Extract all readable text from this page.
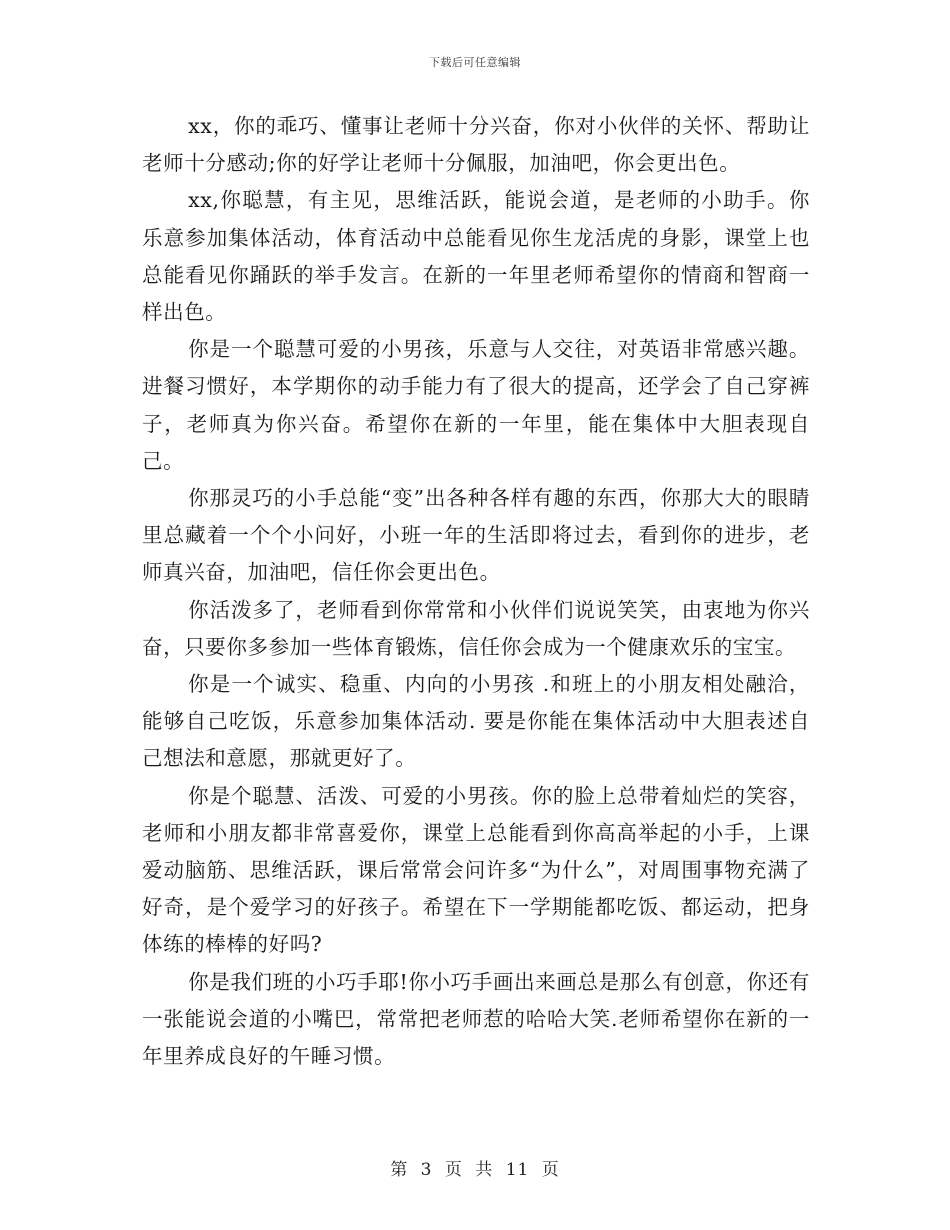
下载后可任意编辑

xx，你的乖巧、懂事让老师十分兴奋，你对小伙伴的关怀、帮助让老师十分感动;你的好学让老师十分佩服，加油吧，你会更出色。

xx,你聪慧，有主见，思维活跃，能说会道，是老师的小助手。你乐意参加集体活动，体育活动中总能看见你生龙活虎的身影，课堂上也总能看见你踊跃的举手发言。在新的一年里老师希望你的情商和智商一样出色。

你是一个聪慧可爱的小男孩，乐意与人交往，对英语非常感兴趣。进餐习惯好，本学期你的动手能力有了很大的提高，还学会了自己穿裤子，老师真为你兴奋。希望你在新的一年里，能在集体中大胆表现自己。

你那灵巧的小手总能“变”出各种各样有趣的东西，你那大大的眼睛里总藏着一个个小问好，小班一年的生活即将过去，看到你的进步，老师真兴奋，加油吧，信任你会更出色。

你活泼多了，老师看到你常常和小伙伴们说说笑笑，由衷地为你兴奋，只要你多参加一些体育锻炼，信任你会成为一个健康欢乐的宝宝。

你是一个诚实、稳重、内向的小男孩 .和班上的小朋友相处融洽，能够自己吃饭，乐意参加集体活动. 要是你能在集体活动中大胆表述自己想法和意愿，那就更好了。

你是个聪慧、活泼、可爱的小男孩。你的脸上总带着灿烂的笑容，老师和小朋友都非常喜爱你，课堂上总能看到你高高举起的小手，上课爱动脑筋、思维活跃，课后常常会问许多“为什么”，对周围事物充满了好奇，是个爱学习的好孩子。希望在下一学期能都吃饭、都运动，把身体练的棒棒的好吗?

你是我们班的小巧手耶!你小巧手画出来画总是那么有创意，你还有一张能说会道的小嘴巴，常常把老师惹的哈哈大笑.老师希望你在新的一年里养成良好的午睡习惯。

第 3 页 共 11 页
